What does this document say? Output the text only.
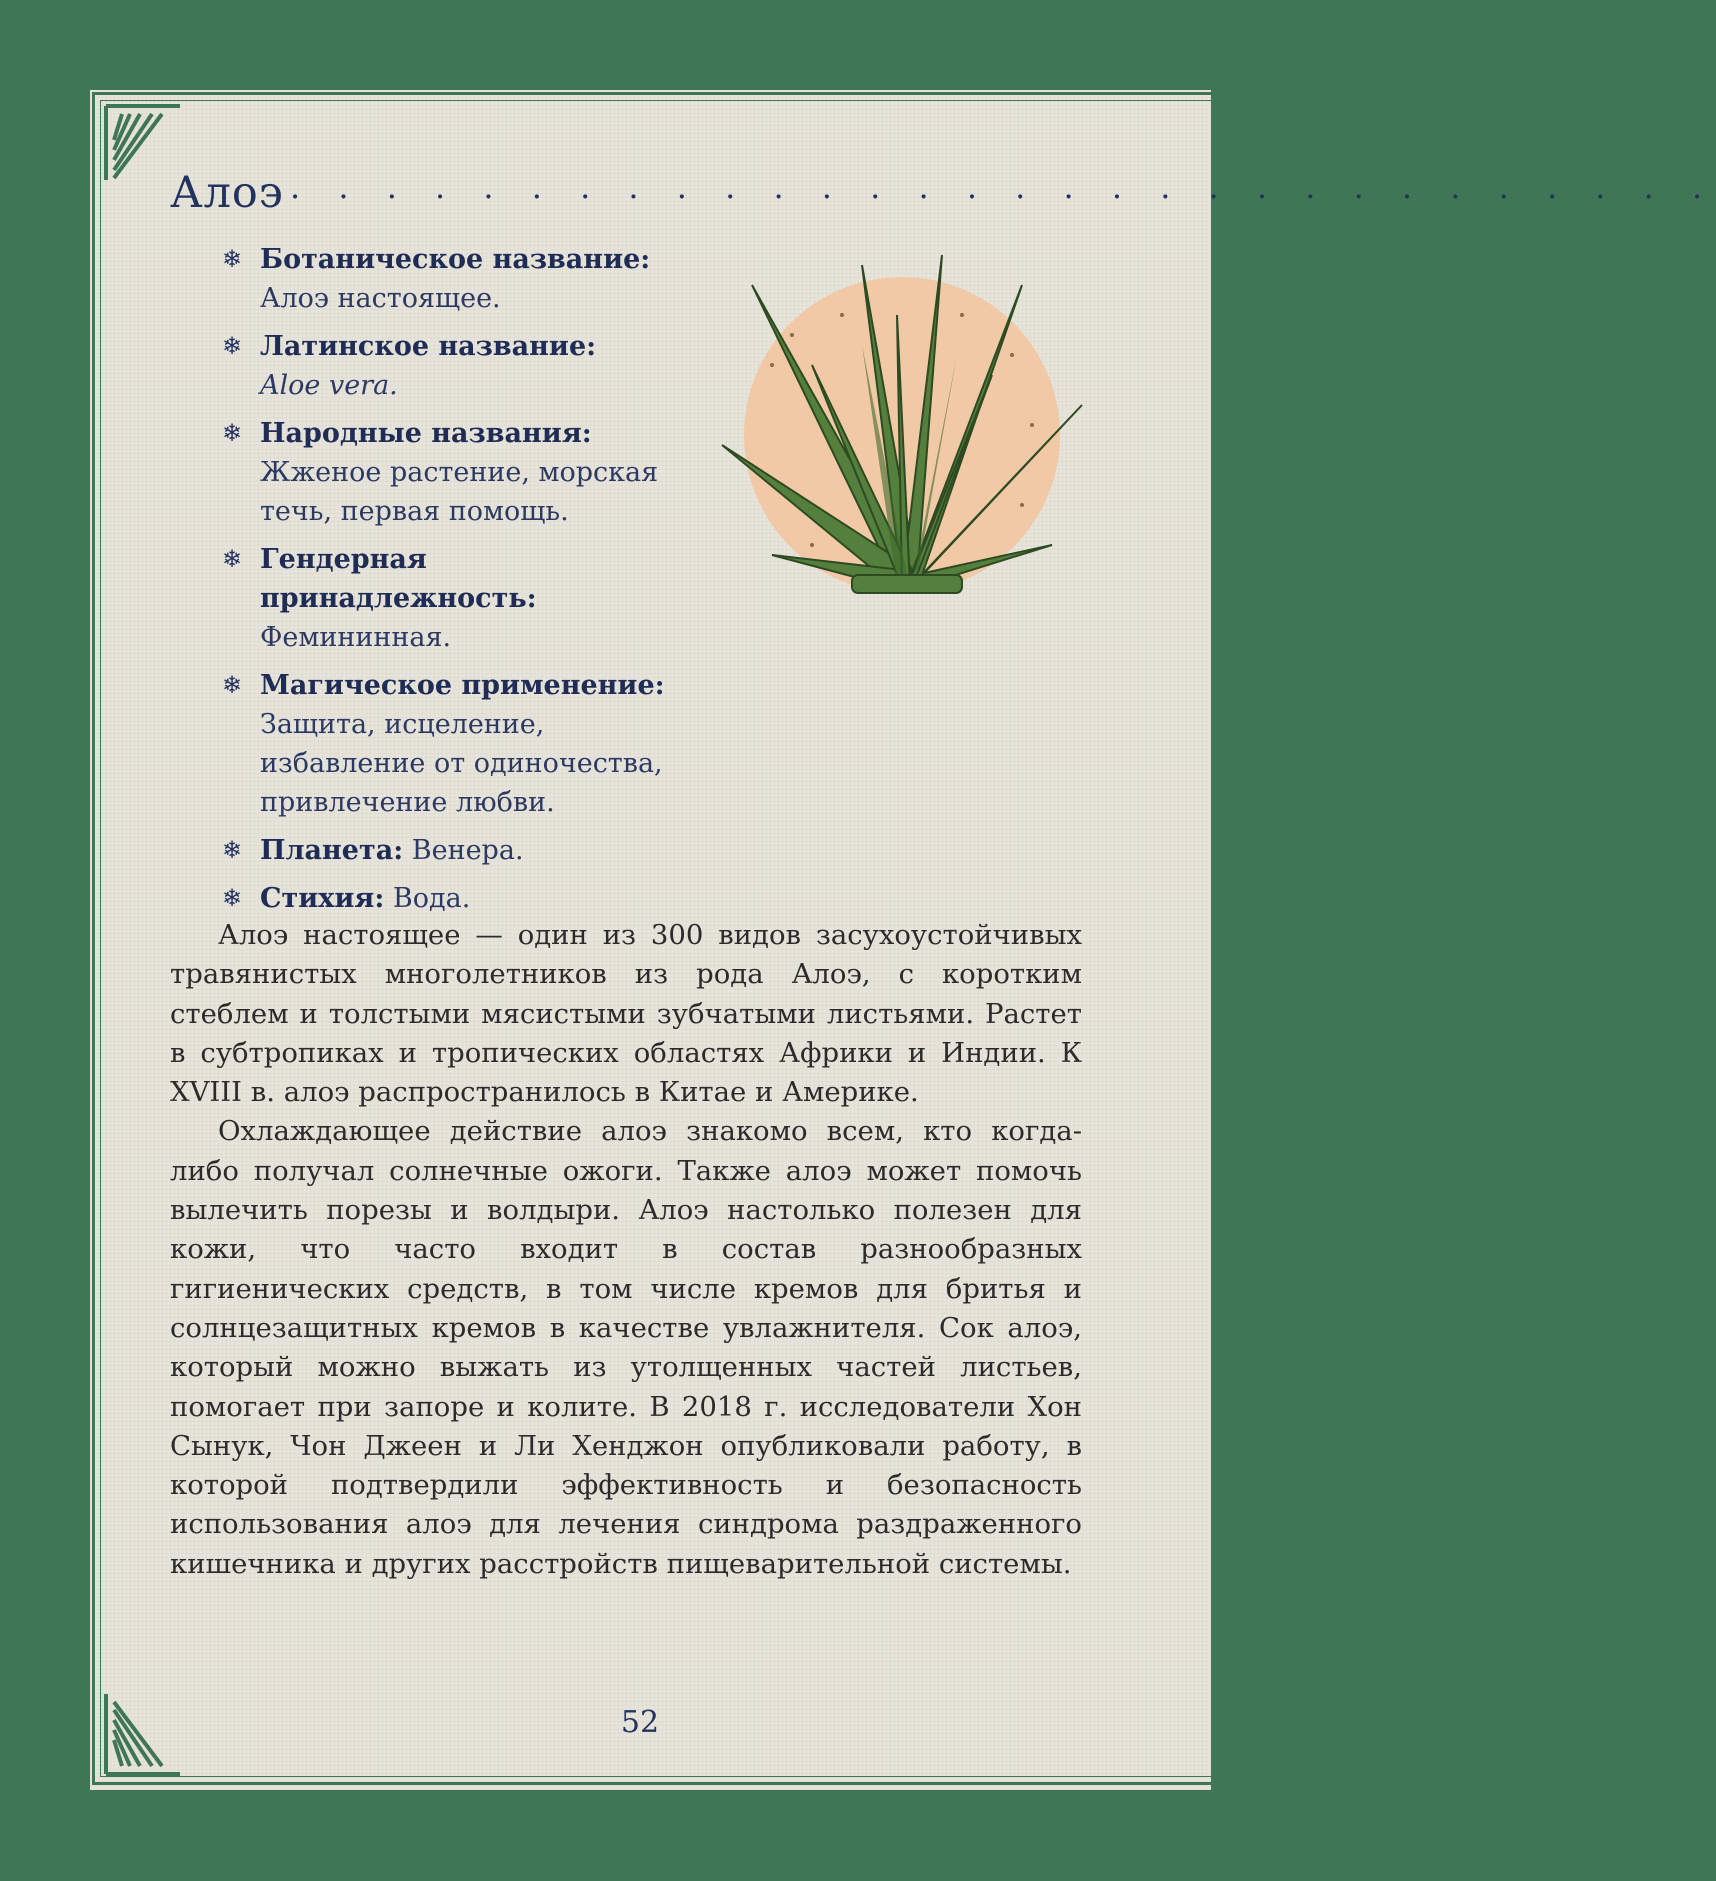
Алоэ . . . . . . . . . . . . . . . . . . . . . . . . . . . . . .
❄ Ботаническое название:
Алоэ настоящее.
❄ Латинское название:
Aloe vera.
❄ Народные названия:
Жженое растение, морская течь, первая помощь.
❄ Гендерная принадлежность: Фемининная.
❄ Магическое применение:
Защита, исцеление, избавление от одиночества, привлечение любви.
❄ Планета: Венера.
❄ Стихия: Вода.

Алоэ настоящее — один из 300 видов засухоустойчивых травянистых многолетников из рода Алоэ, с коротким стеблем и толстыми мясистыми зубчатыми листьями. Растет в субтропиках и тропических областях Африки и Индии. К XVIII в. алоэ распространилось в Китае и Америке.

Охлаждающее действие алоэ знакомо всем, кто когда-либо получал солнечные ожоги. Также алоэ может помочь вылечить порезы и волдыри. Алоэ настолько полезен для кожи, что часто входит в состав разнообразных гигиенических средств, в том числе кремов для бритья и солнцезащитных кремов в качестве увлажнителя. Сок алоэ, который можно выжать из утолщенных частей листьев, помогает при запоре и колите. В 2018 г. исследователи Хон Сынук, Чон Джеен и Ли Хенджон опубликовали работу, в которой подтвердили эффективность и безопасность использования алоэ для лечения синдрома раздраженного кишечника и других расстройств пищеварительной системы.

52
